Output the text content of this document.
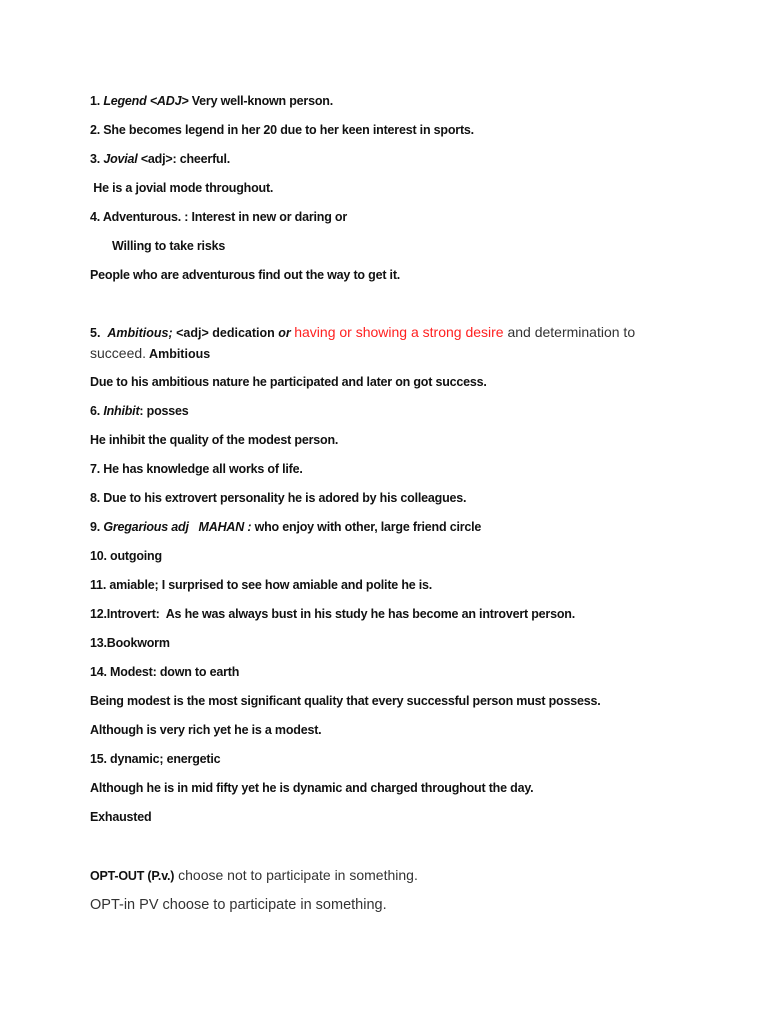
1. Legend <ADJ> Very well-known person.
2. She becomes legend in her 20 due to her keen interest in sports.
3. Jovial <adj>: cheerful.
He is a jovial mode throughout.
4. Adventurous. : Interest in new or daring or
Willing to take risks
People who are adventurous find out the way to get it.
5.  Ambitious; <adj> dedication or having or showing a strong desire and determination to succeed. Ambitious
Due to his ambitious nature he participated and later on got success.
6. Inhibit: posses
He inhibit the quality of the modest person.
7. He has knowledge all works of life.
8. Due to his extrovert personality he is adored by his colleagues.
9. Gregarious adj   MAHAN : who enjoy with other, large friend circle
10. outgoing
11. amiable; I surprised to see how amiable and polite he is.
12.Introvert:  As he was always bust in his study he has become an introvert person.
13.Bookworm
14. Modest: down to earth
Being modest is the most significant quality that every successful person must possess.
Although is very rich yet he is a modest.
15. dynamic; energetic
Although he is in mid fifty yet he is dynamic and charged throughout the day.
Exhausted
OPT-OUT (P.v.) choose not to participate in something.
OPT-in PV choose to participate in something.
